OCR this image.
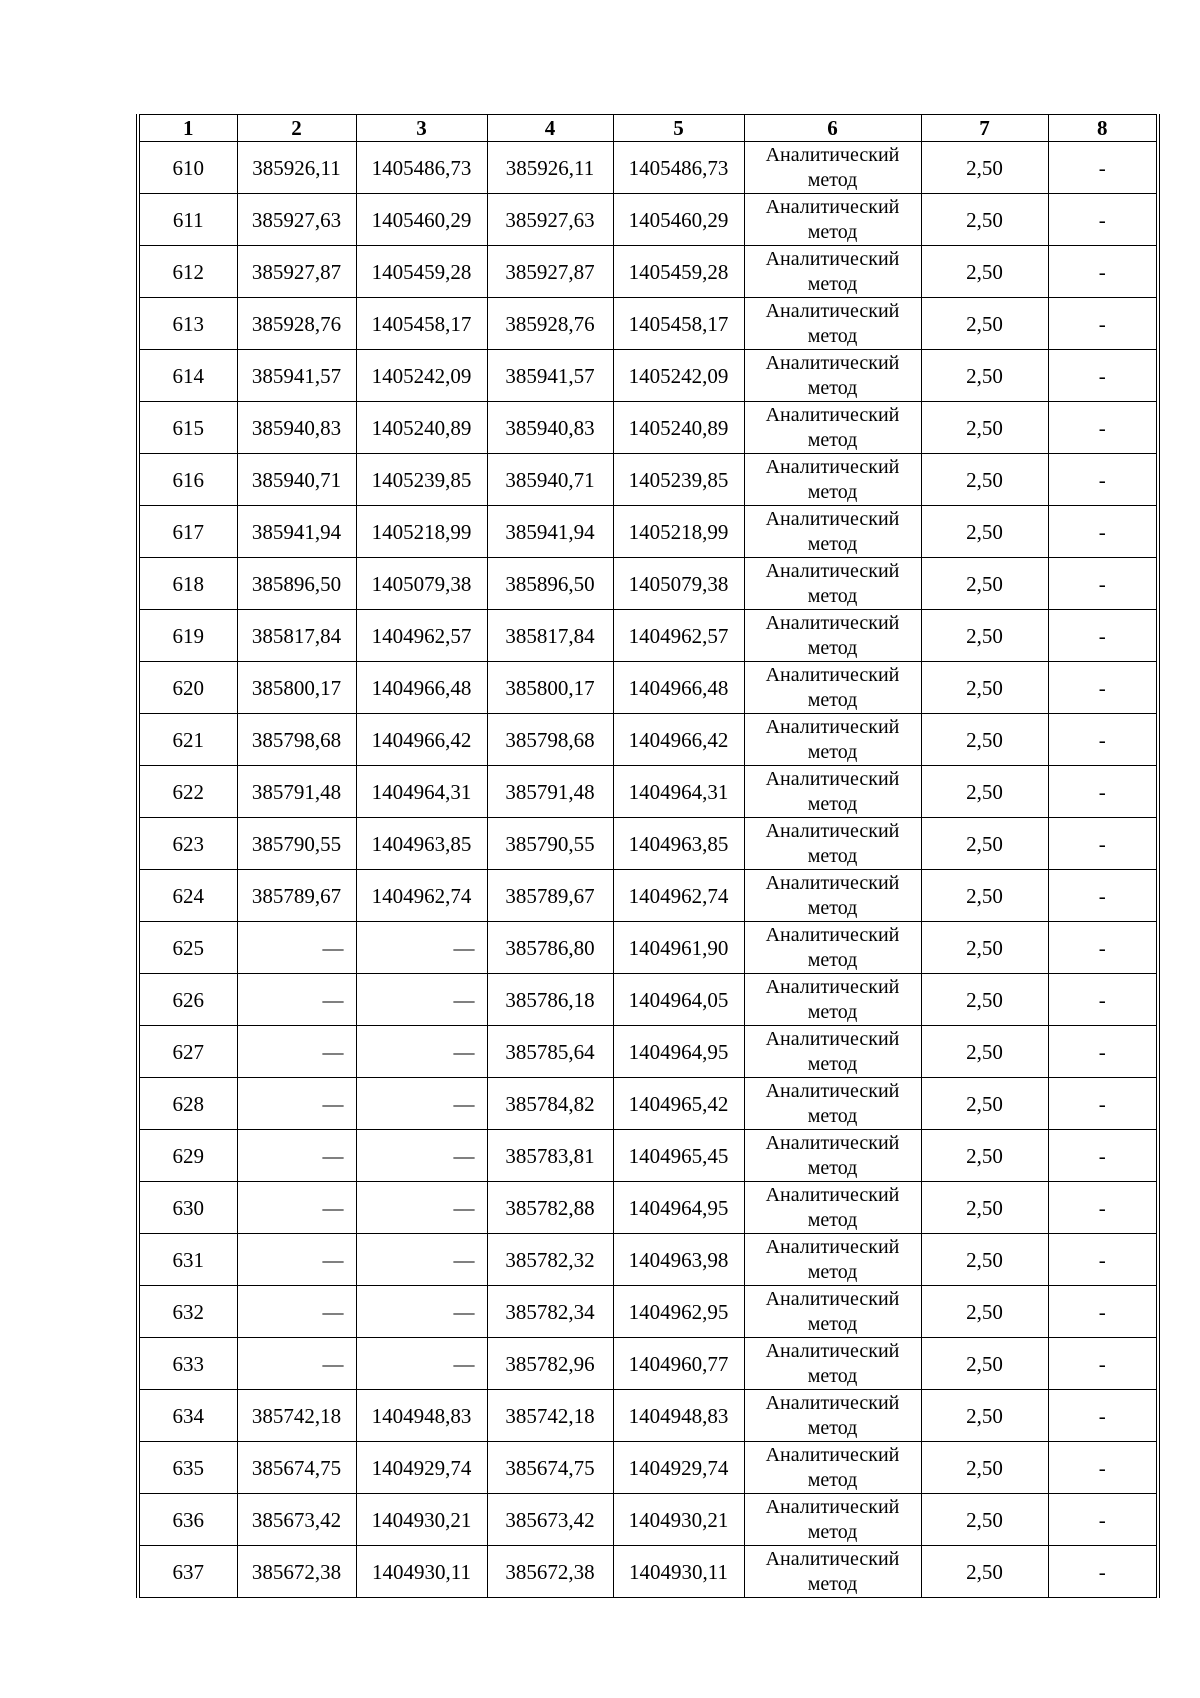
1	2	3	4	5	6	7	8
610	385926,11	1405486,73	385926,11	1405486,73	Аналитический метод	2,50	-
611	385927,63	1405460,29	385927,63	1405460,29	Аналитический метод	2,50	-
612	385927,87	1405459,28	385927,87	1405459,28	Аналитический метод	2,50	-
613	385928,76	1405458,17	385928,76	1405458,17	Аналитический метод	2,50	-
614	385941,57	1405242,09	385941,57	1405242,09	Аналитический метод	2,50	-
615	385940,83	1405240,89	385940,83	1405240,89	Аналитический метод	2,50	-
616	385940,71	1405239,85	385940,71	1405239,85	Аналитический метод	2,50	-
617	385941,94	1405218,99	385941,94	1405218,99	Аналитический метод	2,50	-
618	385896,50	1405079,38	385896,50	1405079,38	Аналитический метод	2,50	-
619	385817,84	1404962,57	385817,84	1404962,57	Аналитический метод	2,50	-
620	385800,17	1404966,48	385800,17	1404966,48	Аналитический метод	2,50	-
621	385798,68	1404966,42	385798,68	1404966,42	Аналитический метод	2,50	-
622	385791,48	1404964,31	385791,48	1404964,31	Аналитический метод	2,50	-
623	385790,55	1404963,85	385790,55	1404963,85	Аналитический метод	2,50	-
624	385789,67	1404962,74	385789,67	1404962,74	Аналитический метод	2,50	-
625	—	—	385786,80	1404961,90	Аналитический метод	2,50	-
626	—	—	385786,18	1404964,05	Аналитический метод	2,50	-
627	—	—	385785,64	1404964,95	Аналитический метод	2,50	-
628	—	—	385784,82	1404965,42	Аналитический метод	2,50	-
629	—	—	385783,81	1404965,45	Аналитический метод	2,50	-
630	—	—	385782,88	1404964,95	Аналитический метод	2,50	-
631	—	—	385782,32	1404963,98	Аналитический метод	2,50	-
632	—	—	385782,34	1404962,95	Аналитический метод	2,50	-
633	—	—	385782,96	1404960,77	Аналитический метод	2,50	-
634	385742,18	1404948,83	385742,18	1404948,83	Аналитический метод	2,50	-
635	385674,75	1404929,74	385674,75	1404929,74	Аналитический метод	2,50	-
636	385673,42	1404930,21	385673,42	1404930,21	Аналитический метод	2,50	-
637	385672,38	1404930,11	385672,38	1404930,11	Аналитический метод	2,50	-
